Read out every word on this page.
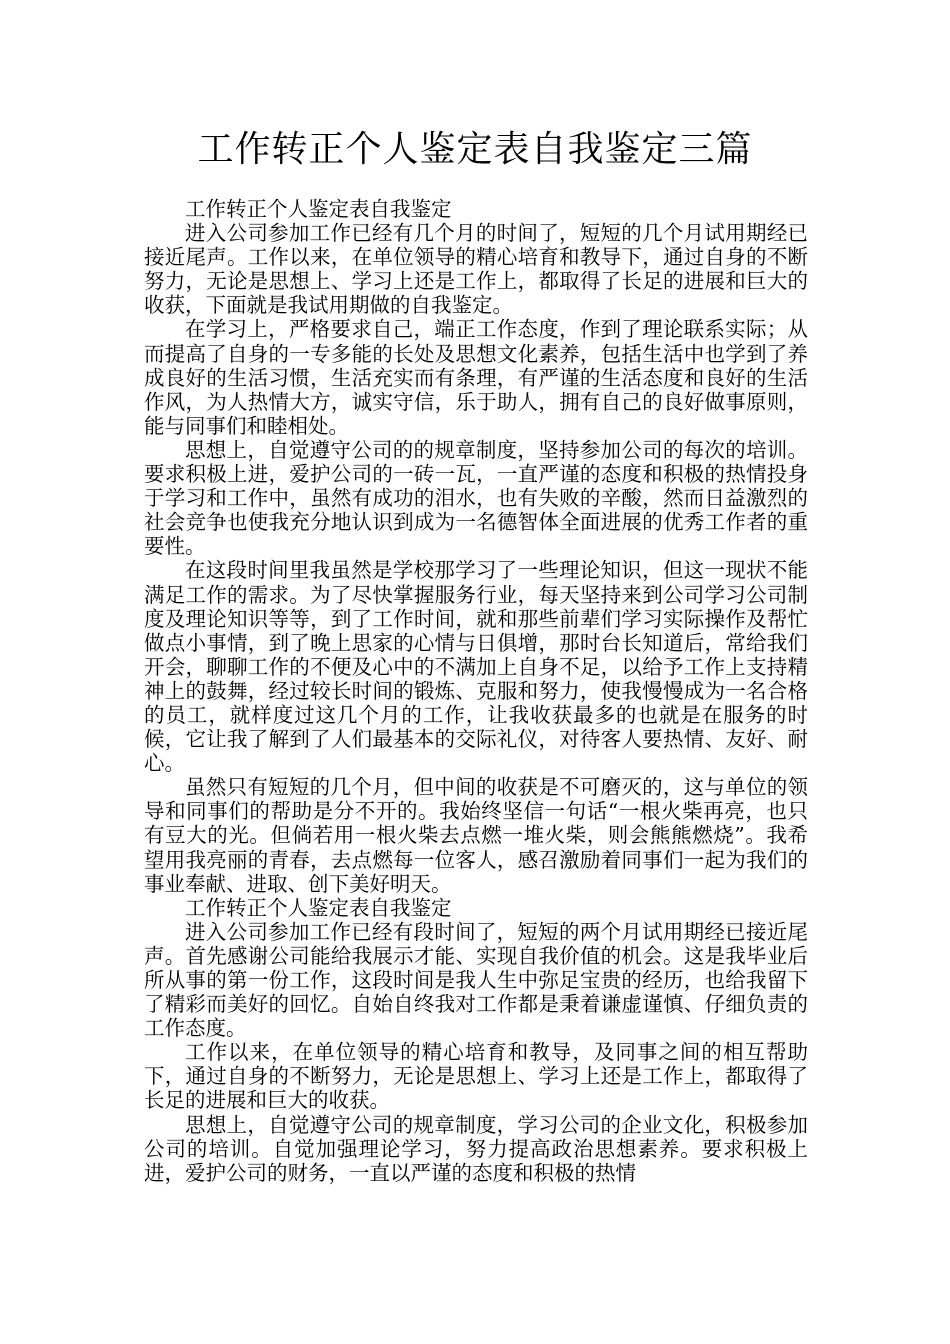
工作转正个人鉴定表自我鉴定三篇

工作转正个人鉴定表自我鉴定

进入公司参加工作已经有几个月的时间了，短短的几个月试用期经已接近尾声。工作以来，在单位领导的精心培育和教导下，通过自身的不断努力，无论是思想上、学习上还是工作上，都取得了长足的进展和巨大的收获，下面就是我试用期做的自我鉴定。

在学习上，严格要求自己，端正工作态度，作到了理论联系实际；从而提高了自身的一专多能的长处及思想文化素养，包括生活中也学到了养成良好的生活习惯，生活充实而有条理，有严谨的生活态度和良好的生活作风，为人热情大方，诚实守信，乐于助人，拥有自己的良好做事原则，能与同事们和睦相处。

思想上，自觉遵守公司的的规章制度，坚持参加公司的每次的培训。要求积极上进，爱护公司的一砖一瓦，一直严谨的态度和积极的热情投身于学习和工作中，虽然有成功的泪水，也有失败的辛酸，然而日益激烈的社会竞争也使我充分地认识到成为一名德智体全面进展的优秀工作者的重要性。

在这段时间里我虽然是学校那学习了一些理论知识，但这一现状不能满足工作的需求。为了尽快掌握服务行业，每天坚持来到公司学习公司制度及理论知识等等，到了工作时间，就和那些前辈们学习实际操作及帮忙做点小事情，到了晚上思家的心情与日俱增，那时台长知道后，常给我们开会，聊聊工作的不便及心中的不满加上自身不足，以给予工作上支持精神上的鼓舞，经过较长时间的锻炼、克服和努力，使我慢慢成为一名合格的员工，就样度过这几个月的工作，让我收获最多的也就是在服务的时候，它让我了解到了人们最基本的交际礼仪，对待客人要热情、友好、耐心。

虽然只有短短的几个月，但中间的收获是不可磨灭的，这与单位的领导和同事们的帮助是分不开的。我始终坚信一句话“一根火柴再亮，也只有豆大的光。但倘若用一根火柴去点燃一堆火柴，则会熊熊燃烧”。我希望用我亮丽的青春，去点燃每一位客人，感召激励着同事们一起为我们的事业奉献、进取、创下美好明天。

工作转正个人鉴定表自我鉴定

进入公司参加工作已经有段时间了，短短的两个月试用期经已接近尾声。首先感谢公司能给我展示才能、实现自我价值的机会。这是我毕业后所从事的第一份工作，这段时间是我人生中弥足宝贵的经历，也给我留下了精彩而美好的回忆。自始自终我对工作都是秉着谦虚谨慎、仔细负责的工作态度。

工作以来，在单位领导的精心培育和教导，及同事之间的相互帮助下，通过自身的不断努力，无论是思想上、学习上还是工作上，都取得了长足的进展和巨大的收获。

思想上，自觉遵守公司的规章制度，学习公司的企业文化，积极参加公司的培训。自觉加强理论学习，努力提高政治思想素养。要求积极上进，爱护公司的财务，一直以严谨的态度和积极的热情
